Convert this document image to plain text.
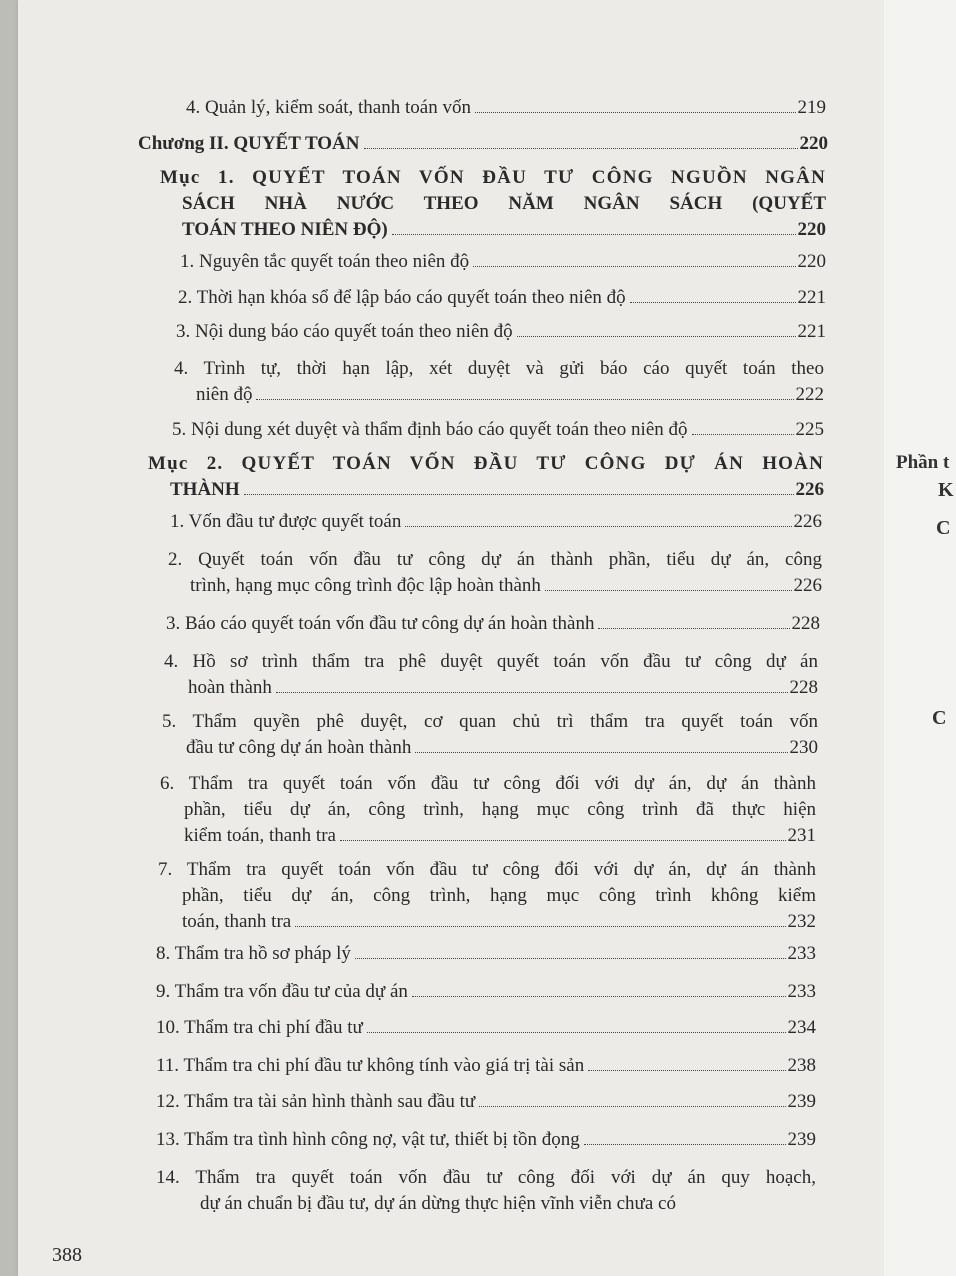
4. Quản lý, kiểm soát, thanh toán vốn	219
Chương II. QUYẾT TOÁN	220
Mục 1. QUYẾT TOÁN VỐN ĐẦU TƯ CÔNG NGUỒN NGÂN
SÁCH NHÀ NƯỚC THEO NĂM NGÂN SÁCH (QUYẾT
TOÁN THEO NIÊN ĐỘ)	220
1. Nguyên tắc quyết toán theo niên độ	220
2. Thời hạn khóa sổ để lập báo cáo quyết toán theo niên độ	221
3. Nội dung báo cáo quyết toán theo niên độ	221
4. Trình tự, thời hạn lập, xét duyệt và gửi báo cáo quyết toán theo
niên độ	222
5. Nội dung xét duyệt và thẩm định báo cáo quyết toán theo niên độ	225
Mục 2. QUYẾT TOÁN VỐN ĐẦU TƯ CÔNG DỰ ÁN HOÀN
THÀNH	226
1. Vốn đầu tư được quyết toán	226
2. Quyết toán vốn đầu tư công dự án thành phần, tiểu dự án, công
trình, hạng mục công trình độc lập hoàn thành	226
3. Báo cáo quyết toán vốn đầu tư công dự án hoàn thành	228
4. Hồ sơ trình thẩm tra phê duyệt quyết toán vốn đầu tư công dự án
hoàn thành	228
5. Thẩm quyền phê duyệt, cơ quan chủ trì thẩm tra quyết toán vốn
đầu tư công dự án hoàn thành	230
6. Thẩm tra quyết toán vốn đầu tư công đối với dự án, dự án thành
phần, tiểu dự án, công trình, hạng mục công trình đã thực hiện
kiểm toán, thanh tra	231
7. Thẩm tra quyết toán vốn đầu tư công đối với dự án, dự án thành
phần, tiểu dự án, công trình, hạng mục công trình không kiểm
toán, thanh tra	232
8. Thẩm tra hồ sơ pháp lý	233
9. Thẩm tra vốn đầu tư của dự án	233
10. Thẩm tra chi phí đầu tư	234
11. Thẩm tra chi phí đầu tư không tính vào giá trị tài sản	238
12. Thẩm tra tài sản hình thành sau đầu tư	239
13. Thẩm tra tình hình công nợ, vật tư, thiết bị tồn đọng	239
14. Thẩm tra quyết toán vốn đầu tư công đối với dự án quy hoạch,
dự án chuẩn bị đầu tư, dự án dừng thực hiện vĩnh viễn chưa có
388
Phần t
K
C
C
